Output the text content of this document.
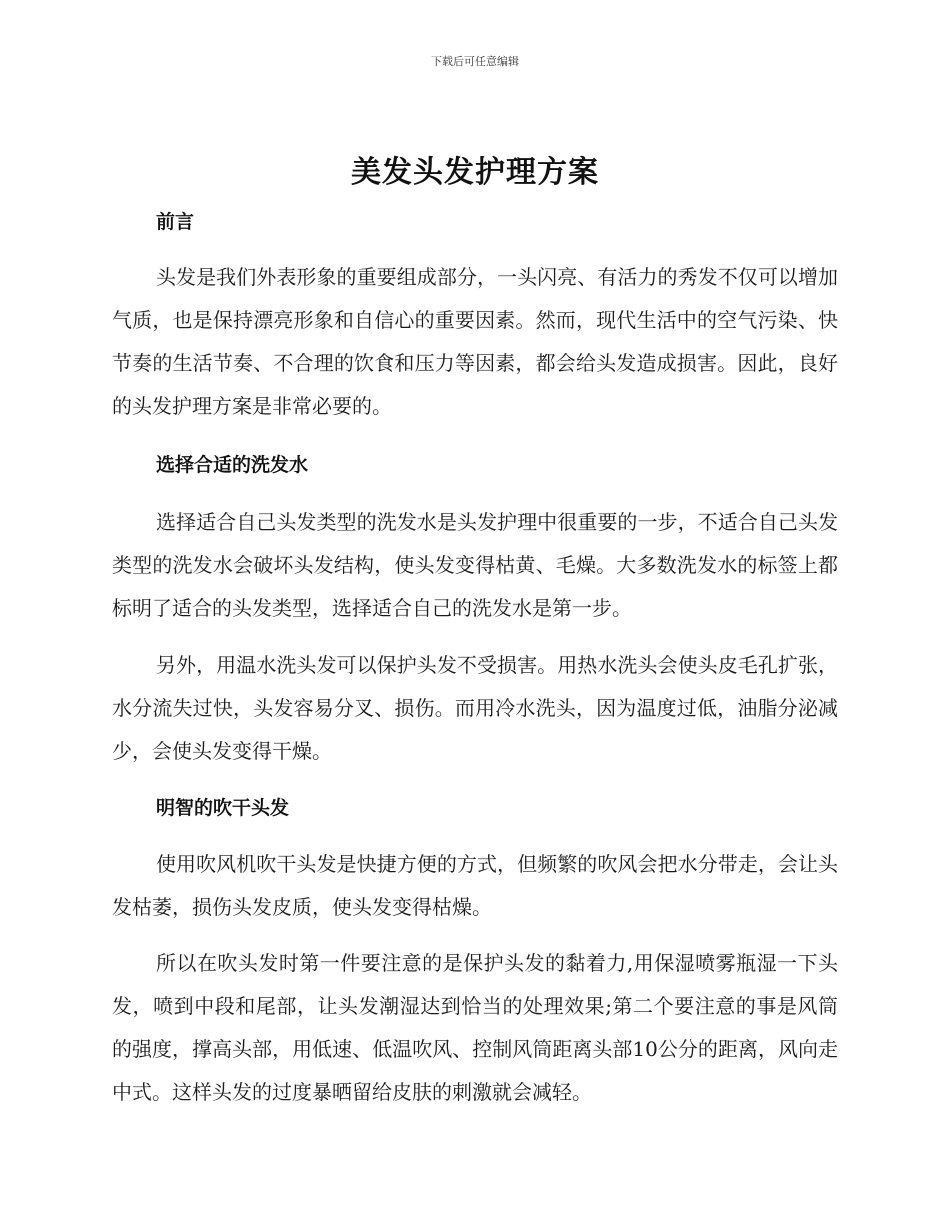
下载后可任意编辑
美发头发护理方案
前言

头发是我们外表形象的重要组成部分，一头闪亮、有活力的秀发不仅可以增加气质，也是保持漂亮形象和自信心的重要因素。然而，现代生活中的空气污染、快节奏的生活节奏、不合理的饮食和压力等因素，都会给头发造成损害。因此，良好的头发护理方案是非常必要的。

选择合适的洗发水

选择适合自己头发类型的洗发水是头发护理中很重要的一步，不适合自己头发类型的洗发水会破坏头发结构，使头发变得枯黄、毛燥。大多数洗发水的标签上都标明了适合的头发类型，选择适合自己的洗发水是第一步。

另外，用温水洗头发可以保护头发不受损害。用热水洗头会使头皮毛孔扩张，水分流失过快，头发容易分叉、损伤。而用冷水洗头，因为温度过低，油脂分泌减少，会使头发变得干燥。

明智的吹干头发

使用吹风机吹干头发是快捷方便的方式，但频繁的吹风会把水分带走，会让头发枯萎，损伤头发皮质，使头发变得枯燥。

所以在吹头发时第一件要注意的是保护头发的黏着力,用保湿喷雾瓶湿一下头发，喷到中段和尾部，让头发潮湿达到恰当的处理效果;第二个要注意的事是风筒的强度，撑高头部，用低速、低温吹风、控制风筒距离头部10公分的距离，风向走中式。这样头发的过度暴晒留给皮肤的刺激就会减轻。
